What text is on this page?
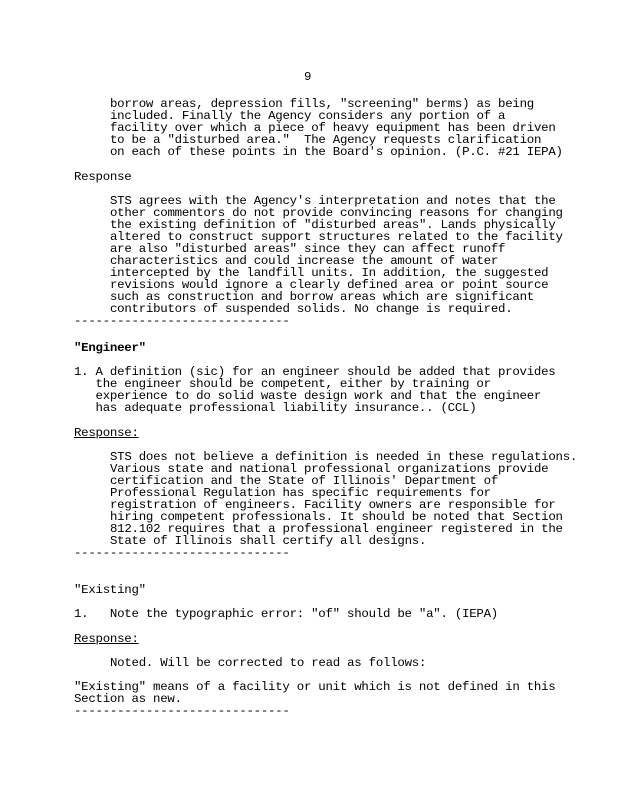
9
borrow areas, depression fills, "screening" berms) as being
included. Finally the Agency considers any portion of a
facility over which a piece of heavy equipment has been driven
to be a "disturbed area."  The Agency requests clarification
on each of these points in the Board's opinion. (P.C. #21 IEPA)
Response
STS agrees with the Agency's interpretation and notes that the
other commentors do not provide convincing reasons for changing
the existing definition of "disturbed areas". Lands physically
altered to construct support structures related to the facility
are also "disturbed areas" since they can affect runoff
characteristics and could increase the amount of water
intercepted by the landfill units. In addition, the suggested
revisions would ignore a clearly defined area or point source
such as construction and borrow areas which are significant
contributors of suspended solids. No change is required.
------------------------------
"Engineer"
1. A definition (sic) for an engineer should be added that provides
the engineer should be competent, either by training or
experience to do solid waste design work and that the engineer
has adequate professional liability insurance.. (CCL)
Response:
STS does not believe a definition is needed in these regulations.
Various state and national professional organizations provide
certification and the State of Illinois' Department of
Professional Regulation has specific requirements for
registration of engineers. Facility owners are responsible for
hiring competent professionals. It should be noted that Section
812.102 requires that a professional engineer registered in the
State of Illinois shall certify all designs.
------------------------------
"Existing"
1.   Note the typographic error: "of" should be "a". (IEPA)
Response:
Noted. Will be corrected to read as follows:
"Existing" means of a facility or unit which is not defined in this
Section as new.
------------------------------
